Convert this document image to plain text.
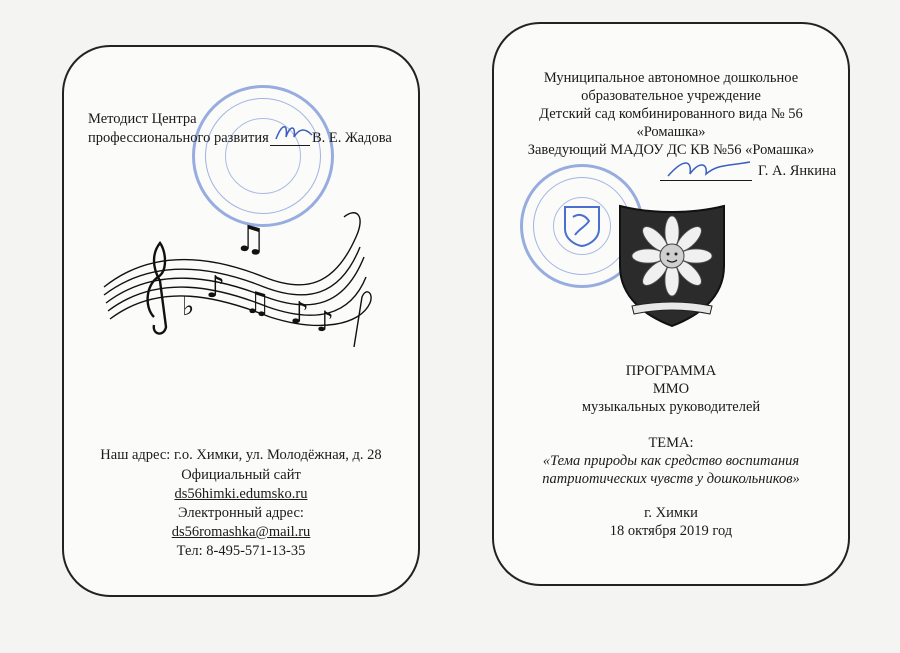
Методист Центра
профессионального развития	В. Е. Жадова
♭
♪
♫
♫ ♪ ♪
Наш адрес: г.о. Химки, ул. Молодёжная, д. 28
Официальный сайт
ds56himki.edumsko.ru
Электронный адрес:
ds56romashka@mail.ru
Тел: 8-495-571-13-35
Муниципальное автономное дошкольное
образовательное учреждение
Детский сад комбинированного вида № 56
«Ромашка»
Заведующий МАДОУ ДС КВ №56 «Ромашка»
Г. А. Янкина
ПРОГРАММА
ММО
музыкальных руководителей
ТЕМА:
«Тема природы как средство воспитания
патриотических чувств у дошкольников»
г. Химки
18 октября 2019 год
